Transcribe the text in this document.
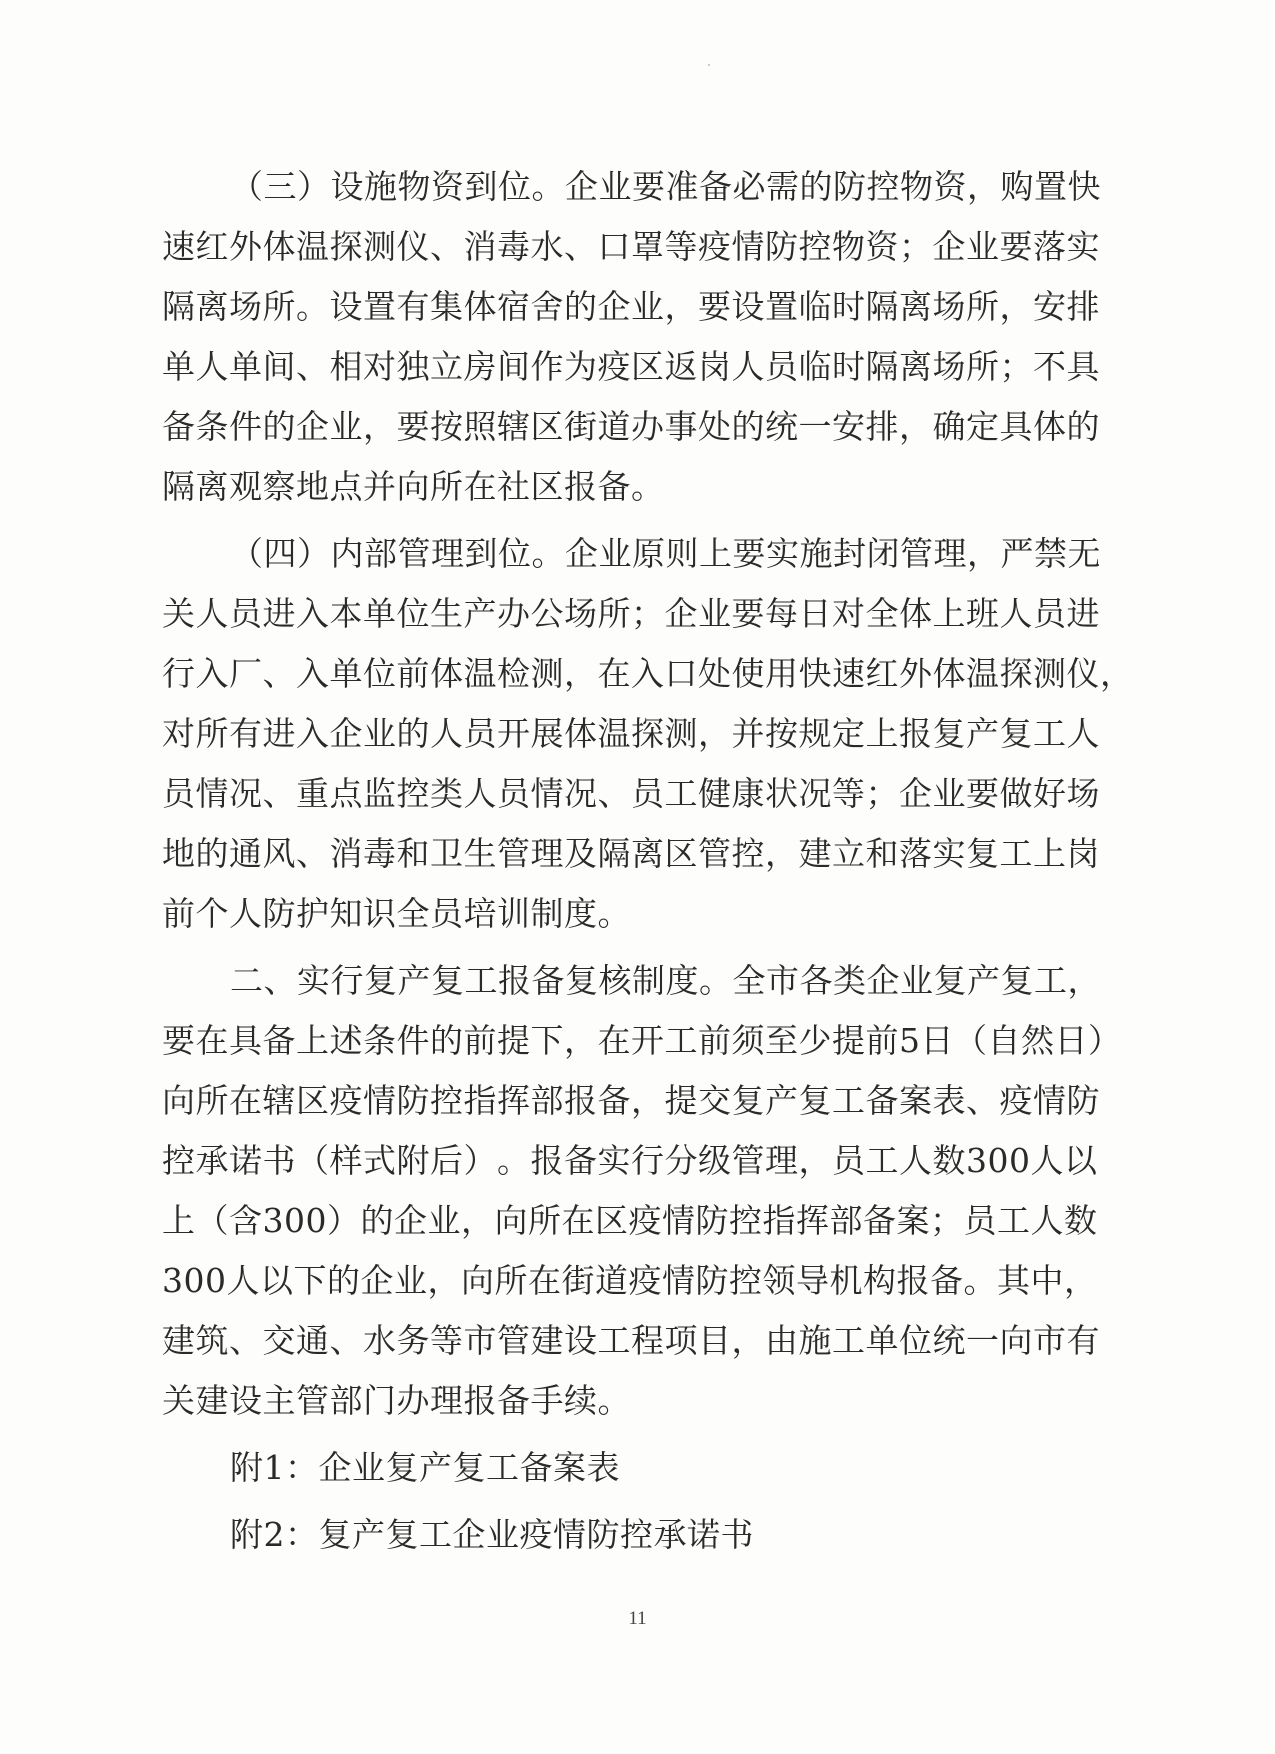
（ 三 ） 设 施 物 资 到 位 。 企 业 要 准 备 必 需 的 防 控 物 资 ， 购 置 快
速 红 外 体 温 探 测 仪 、 消 毒 水 、 口 罩 等 疫 情 防 控 物 资 ； 企 业 要 落 实
隔 离 场 所 。 设 置 有 集 体 宿 舍 的 企 业 ， 要 设 置 临 时 隔 离 场 所 ， 安 排
单 人 单 间 、 相 对 独 立 房 间 作 为 疫 区 返 岗 人 员 临 时 隔 离 场 所 ； 不 具
备 条 件 的 企 业 ， 要 按 照 辖 区 街 道 办 事 处 的 统 一 安 排 ， 确 定 具 体 的
隔离观察地点并向所在社区报备。
（ 四 ） 内 部 管 理 到 位 。 企 业 原 则 上 要 实 施 封 闭 管 理 ， 严 禁 无
关 人 员 进 入 本 单 位 生 产 办 公 场 所 ； 企 业 要 每 日 对 全 体 上 班 人 员 进
行 入 厂 、 入 单 位 前 体 温 检 测 ， 在 入 口 处 使 用 快 速 红 外 体 温 探 测 仪 ，
对 所 有 进 入 企 业 的 人 员 开 展 体 温 探 测 ， 并 按 规 定 上 报 复 产 复 工 人
员 情 况 、 重 点 监 控 类 人 员 情 况 、 员 工 健 康 状 况 等 ； 企 业 要 做 好 场
地 的 通 风 、 消 毒 和 卫 生 管 理 及 隔 离 区 管 控 ， 建 立 和 落 实 复 工 上 岗
前个人防护知识全员培训制度。
二 、 实 行 复 产 复 工 报 备 复 核 制 度 。 全 市 各 类 企 业 复 产 复 工 ，
要 在 具 备 上 述 条 件 的 前 提 下 ， 在 开 工 前 须 至 少 提 前 5 日 （ 自 然 日 ）
向 所 在 辖 区 疫 情 防 控 指 挥 部 报 备 ， 提 交 复 产 复 工 备 案 表 、 疫 情 防
控 承 诺 书 （ 样 式 附 后 ） 。 报 备 实 行 分 级 管 理 ， 员 工 人 数 300 人 以
上 （ 含 300 ） 的 企 业 ， 向 所 在 区 疫 情 防 控 指 挥 部 备 案 ； 员 工 人 数
300 人 以 下 的 企 业 ， 向 所 在 街 道 疫 情 防 控 领 导 机 构 报 备 。 其 中 ，
建 筑 、 交 通 、 水 务 等 市 管 建 设 工 程 项 目 ， 由 施 工 单 位 统 一 向 市 有
关建设主管部门办理报备手续。
附1：企业复产复工备案表
附2：复产复工企业疫情防控承诺书
11
